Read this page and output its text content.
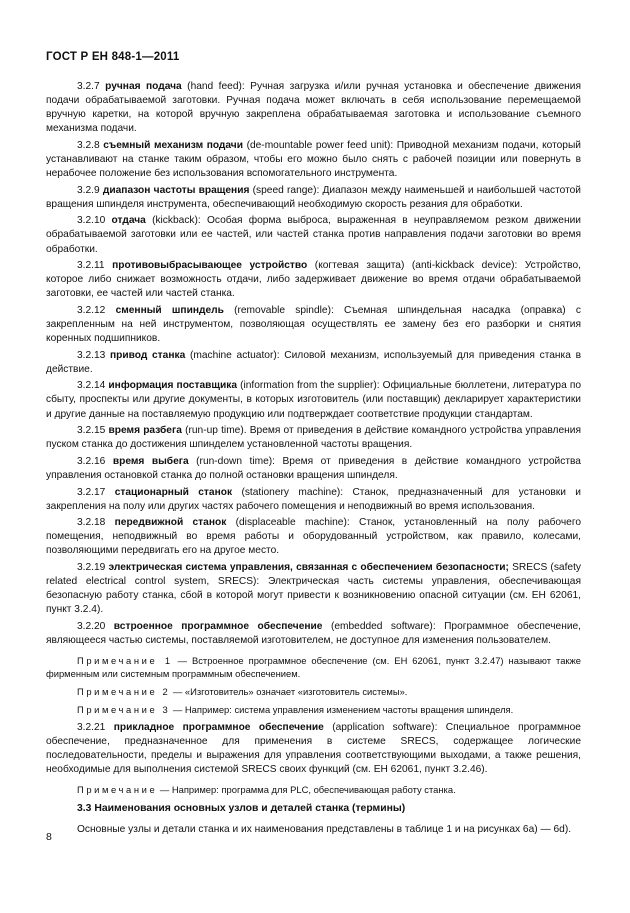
ГОСТ Р ЕН 848-1—2011

3.2.7 ручная подача (hand feed): Ручная загрузка и/или ручная установка и обеспечение движения подачи обрабатываемой заготовки. Ручная подача может включать в себя использование перемещаемой вручную каретки, на которой вручную закреплена обрабатываемая заготовка и использование съемного механизма подачи.

3.2.8 съемный механизм подачи (de-mountable power feed unit): Приводной механизм подачи, который устанавливают на станке таким образом, чтобы его можно было снять с рабочей позиции или повернуть в нерабочее положение без использования вспомогательного инструмента.

3.2.9 диапазон частоты вращения (speed range): Диапазон между наименьшей и наибольшей частотой вращения шпинделя инструмента, обеспечивающий необходимую скорость резания для обработки.

3.2.10 отдача (kickback): Особая форма выброса, выраженная в неуправляемом резком движении обрабатываемой заготовки или ее частей, или частей станка против направления подачи заготовки во время обработки.

3.2.11 противовыбрасывающее устройство (когтевая защита) (anti-kickback device): Устройство, которое либо снижает возможность отдачи, либо задерживает движение во время отдачи обрабатываемой заготовки, ее частей или частей станка.

3.2.12 сменный шпиндель (removable spindle): Съемная шпиндельная насадка (оправка) с закрепленным на ней инструментом, позволяющая осуществлять ее замену без его разборки и снятия коренных подшипников.

3.2.13 привод станка (machine actuator): Силовой механизм, используемый для приведения станка в действие.

3.2.14 информация поставщика (information from the supplier): Официальные бюллетени, литература по сбыту, проспекты или другие документы, в которых изготовитель (или поставщик) декларирует характеристики и другие данные на поставляемую продукцию или подтверждает соответствие продукции стандартам.

3.2.15 время разбега (run-up time). Время от приведения в действие командного устройства управления пуском станка до достижения шпинделем установленной частоты вращения.

3.2.16 время выбега (run-down time): Время от приведения в действие командного устройства управления остановкой станка до полной остановки вращения шпинделя.

3.2.17 стационарный станок (stationery machine): Станок, предназначенный для установки и закрепления на полу или других частях рабочего помещения и неподвижный во время использования.

3.2.18 передвижной станок (displaceable machine): Станок, установленный на полу рабочего помещения, неподвижный во время работы и оборудованный устройством, как правило, колесами, позволяющими передвигать его на другое место.

3.2.19 электрическая система управления, связанная с обеспечением безопасности; SRECS (safety related electrical control system, SRECS): Электрическая часть системы управления, обеспечивающая безопасную работу станка, сбой в которой могут привести к возникновению опасной ситуации (см. ЕН 62061, пункт 3.2.4).

3.2.20 встроенное программное обеспечение (embedded software): Программное обеспечение, являющееся частью системы, поставляемой изготовителем, не доступное для изменения пользователем.

Примечание 1 — Встроенное программное обеспечение (см. ЕН 62061, пункт 3.2.47) называют также фирменным или системным программным обеспечением.

Примечание 2 — «Изготовитель» означает «изготовитель системы».

Примечание 3 — Например: система управления изменением частоты вращения шпинделя.

3.2.21 прикладное программное обеспечение (application software): Специальное программное обеспечение, предназначенное для применения в системе SRECS, содержащее логические последовательности, пределы и выражения для управления соответствующими выходами, а также решения, необходимые для выполнения системой SRECS своих функций (см. ЕН 62061, пункт 3.2.46).

Примечание — Например: программа для PLC, обеспечивающая работу станка.

3.3 Наименования основных узлов и деталей станка (термины)

Основные узлы и детали станка и их наименования представлены в таблице 1 и на рисунках 6а) — 6d).

8
